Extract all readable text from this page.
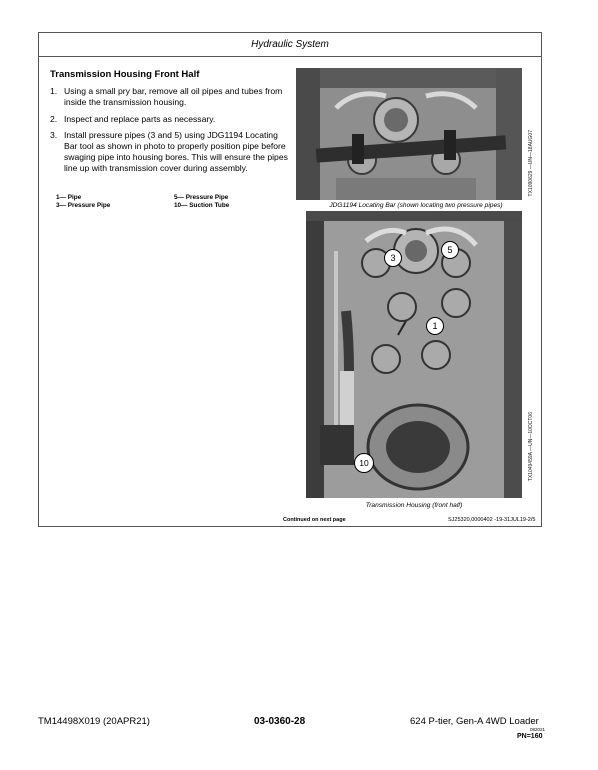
Hydraulic System
Transmission Housing Front Half
1. Using a small pry bar, remove all oil pipes and tubes from inside the transmission housing.
2. Inspect and replace parts as necessary.
3. Install pressure pipes (3 and 5) using JDG1194 Locating Bar tool as shown in photo to properly position pipe before swaging pipe into housing bores. This will ensure the pipes line up with transmission cover during assembly.
1— Pipe
3— Pressure Pipe
5— Pressure Pipe
10— Suction Tube
TX1090629 —UN—18AUG07
JDG1194 Locating Bar (shown locating two pressure pipes)
3
5
1
10	TX1049459A —UN—10OCT06
Transmission Housing (front half)
Continued on next page	SJ25320,0000402 -19-31JUL19-2/5
TM14498X019 (20APR21)	03-0360-28	624 P-tier, Gen-A 4WD Loader
082021
PN=160
